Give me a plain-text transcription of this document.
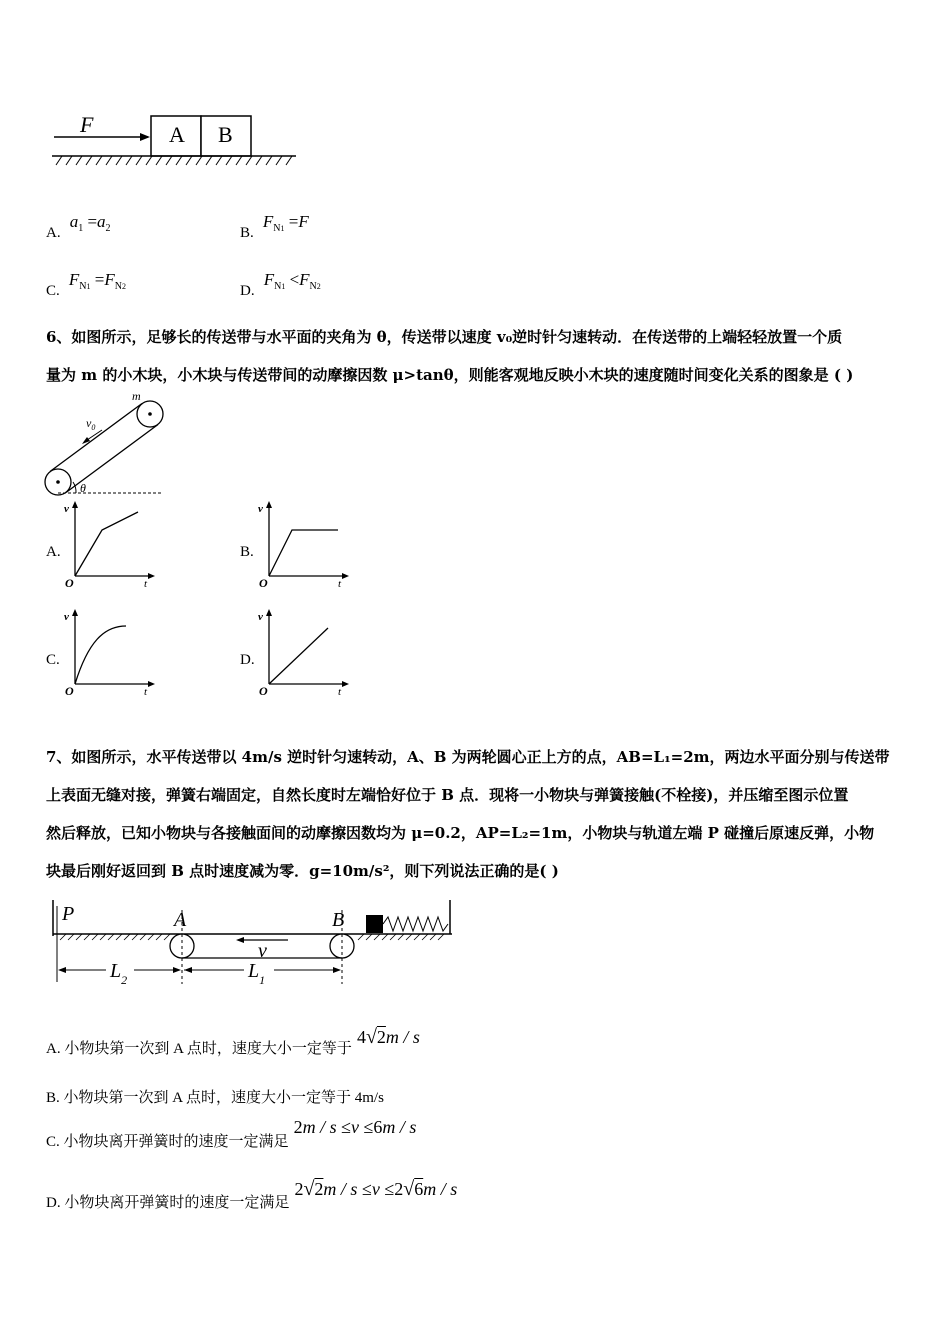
F	A B
A. $a_1 =a_2$	B. $F_{N1} =F$
C. $F_{N1} =F_{N2}$	D. $F_{N1} <F_{N2}$
6、如图所示，足够长的传送带与水平面的夹角为 θ，传送带以速度 v₀逆时针匀速转动．在传送带的上端轻轻放置一个质
量为 m 的小木块，小木块与传送带间的动摩擦因数 μ>tanθ，则能客观地反映小木块的速度随时间变化关系的图象是 ( )
m
$v_0$
θ
A.
v
t
O
B.
v
t
O
C.
v
t
O
D.
v
t
O
7、如图所示，水平传送带以 4m/s 逆时针匀速转动，A、B 为两轮圆心正上方的点，AB=L₁=2m，两边水平面分别与传送带
上表面无缝对接，弹簧右端固定，自然长度时左端恰好位于 B 点．现将一小物块与弹簧接触(不栓接)，并压缩至图示位置
然后释放，已知小物块与各接触面间的动摩擦因数均为 μ=0.2，AP=L₂=1m，小物块与轨道左端 P 碰撞后原速反弹，小物
块最后刚好返回到 B 点时速度减为零．g=10m/s²，则下列说法正确的是( )
P	A	B
v
$L_2$	$L_1$
A. 小物块第一次到 A 点时，速度大小一定等于 4√2m / s
B. 小物块第一次到 A 点时，速度大小一定等于 4m/s
C. 小物块离开弹簧时的速度一定满足 2m / s ≤v ≤6m / s
D. 小物块离开弹簧时的速度一定满足 2√2m / s ≤v ≤2√6m / s
